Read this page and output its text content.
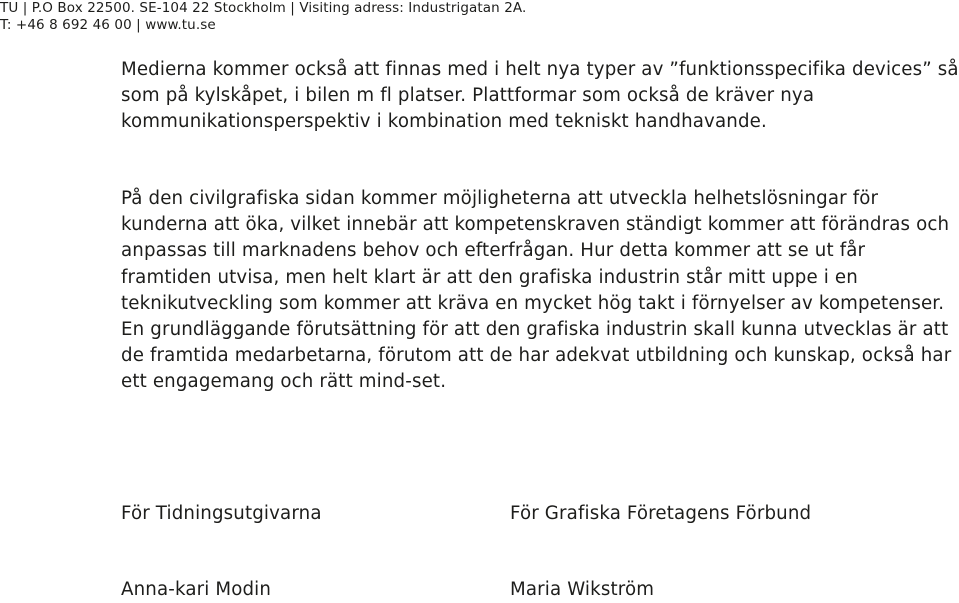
TU | P.O Box 22500. SE-104 22 Stockholm | Visiting adress: Industrigatan 2A.
T: +46 8 692 46 00 | www.tu.se

Medierna kommer också att finnas med i helt nya typer av ”funktionsspecifika devices” så som på kylskåpet, i bilen m fl platser. Plattformar som också de kräver nya kommunikationsperspektiv i kombination med tekniskt handhavande.

På den civilgrafiska sidan kommer möjligheterna att utveckla helhetslösningar för kunderna att öka, vilket innebär att kompetenskraven ständigt kommer att förändras och anpassas till marknadens behov och efterfrågan. Hur detta kommer att se ut får framtiden utvisa, men helt klart är att den grafiska industrin står mitt uppe i en teknikutveckling som kommer att kräva en mycket hög takt i förnyelser av kompetenser. En grundläggande förutsättning för att den grafiska industrin skall kunna utvecklas är att de framtida medarbetarna, förutom att de har adekvat utbildning och kunskap, också har ett engagemang och rätt mind-set.

För Tidningsutgivarna	För Grafiska Företagens Förbund
Anna-kari Modin	Maria Wikström
